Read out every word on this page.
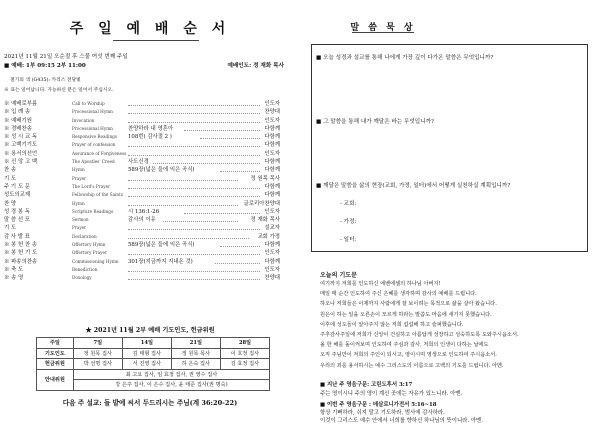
주 일 예 배 순 서
2021년 11월 21일 오순절 후 스물 여섯 번째 주일
■ 예배: 1부 09:15 2부 11:00	예배인도: 정 재화 목사
절기의 색 (G435): 카리스 전당빛
※ 표는 일어납니다. 가능하신 분은 일어서 주십시오.
※ 예배로부름	Call to Worship	인도자
※ 입 례 송	Processional Hymn	찬양대
※ 예배기원	Invocation	인도자
※ 경배찬송	Processional Hymn	찬양하라 내 영혼아	다함께
※ 성 시 교 독	Responsive Readings 108번( 감사절 2 )	다함께
※ 고백기기도	Prayer of confession	다함께
※ 용서의선언	Assurance of Forgiveness	인도자
※ 신 앙 고 백	The Apostles' Creed 사도신경	다함께
찬 송	Hymn	589장(넓은 들에 익은 곡식)	다함께
기 도	Prayer	정 원목 목사
주 기 도 문	The Lord's Prayer	다함께
성도의교제	Fellowship of the Saints	다함께
찬 양	Hymn	글로리아찬양대
성 경 봉 독	Scripture Readings	시 136:1-26	인도자
말 씀 선 포	Sermon	감사의 이유	정 재화 목사
기 도	Prayer	설교자
감 사 발 표	Declaration	교회 가정
※ 봉 헌 찬 송	Offertory Hymn	589장(넓은 들에 익은 곡식)	다함께
※ 봉 헌 기 도	Offertory Prayer	인도자
※ 파송의찬송	Commissioning Hymn 301장(지금까지 지내온 것)	다함께
※ 축 도	Benediction	인도자
※ 송 영	Doxology	찬양대
★ 2021년 11월 2부 예배 기도인도, 헌금위원
주일	7일	14일	21일	28일
기도인도	정 원목 집사	김 태형 집사	정 원목 목사	이 호정 집사
헌금위원	박 선명 집사	서 진영 집사	하 은숙 집사	김 효정 집사
안내위원	최 고요 집사, 임 효정 집사, 권 영수 집사			
	강 은주 집사, 이 은수 집사, 윤 태준 집사(권 명숙)			
다음 주 설교: 들 밭에 씨서 두드리시는 주님(계 36:20-22)
말 씀 묵 상
■ 오늘 성경과 설교를 통해 나에게 가장 깊이 다가온 말씀은 무엇입니까?
■ 그 말씀을 통해 내가 깨달은 바는 무엇입니까?
■ 깨달은 말씀을 삶의 현장(교회, 가정, 일터)에서 어떻게 실천하실 계획입니까?
- 교회:
- 가정:
- 일터:
오늘의 기도문
여기까지 저희를 인도하신 에벤에셀의 하나님 아버지!
매일 매 순간 인도하여 주신 은혜를 생각하며 감사의 예배를 드립니다.
하오나 저희들은 이제까지 사람에게 잘 보이려는 목적으로 삶을 살아 왔습니다.
원은이 하는 일을 오른손이 모르게 하라는 말씀도 마음에 새기지 못했습니다.
이후에 성도들이 알아주지 않는 저희 섭섭해 하고 슬퍼했습니다.
주추감사주일에 저희가 신앙이 건실하고 아름답게 성장하고 성숙하도록 도와주시옵소서.
올 한 해를 돌이켜보며 인도하여 주심과 감사, 저희의 인생이 다하는 날에도
오직 주님만이 저희의 주인이 되시고, 영이시며 영생으로 인도하여 주시옵소서.
우리의 죄를 용서하시는 예수 그리스도의 이름으로 고백의 기도를 드립니다. 아멘.
■ 지난 주 영음구문: 고린도후서 3:17
주는 영이시니 주의 영이 계신 곳에는 자유가 있느니라. 아멘.
■ 이번 주 영음구문 : 데살로니가전서 5:16~18
항상 기뻐하라, 쉬지 말고 기도하라, 범사에 감사하라.
이것이 그리스도 예수 안에서 너희를 향하신 하나님의 뜻이니라. 아멘.
